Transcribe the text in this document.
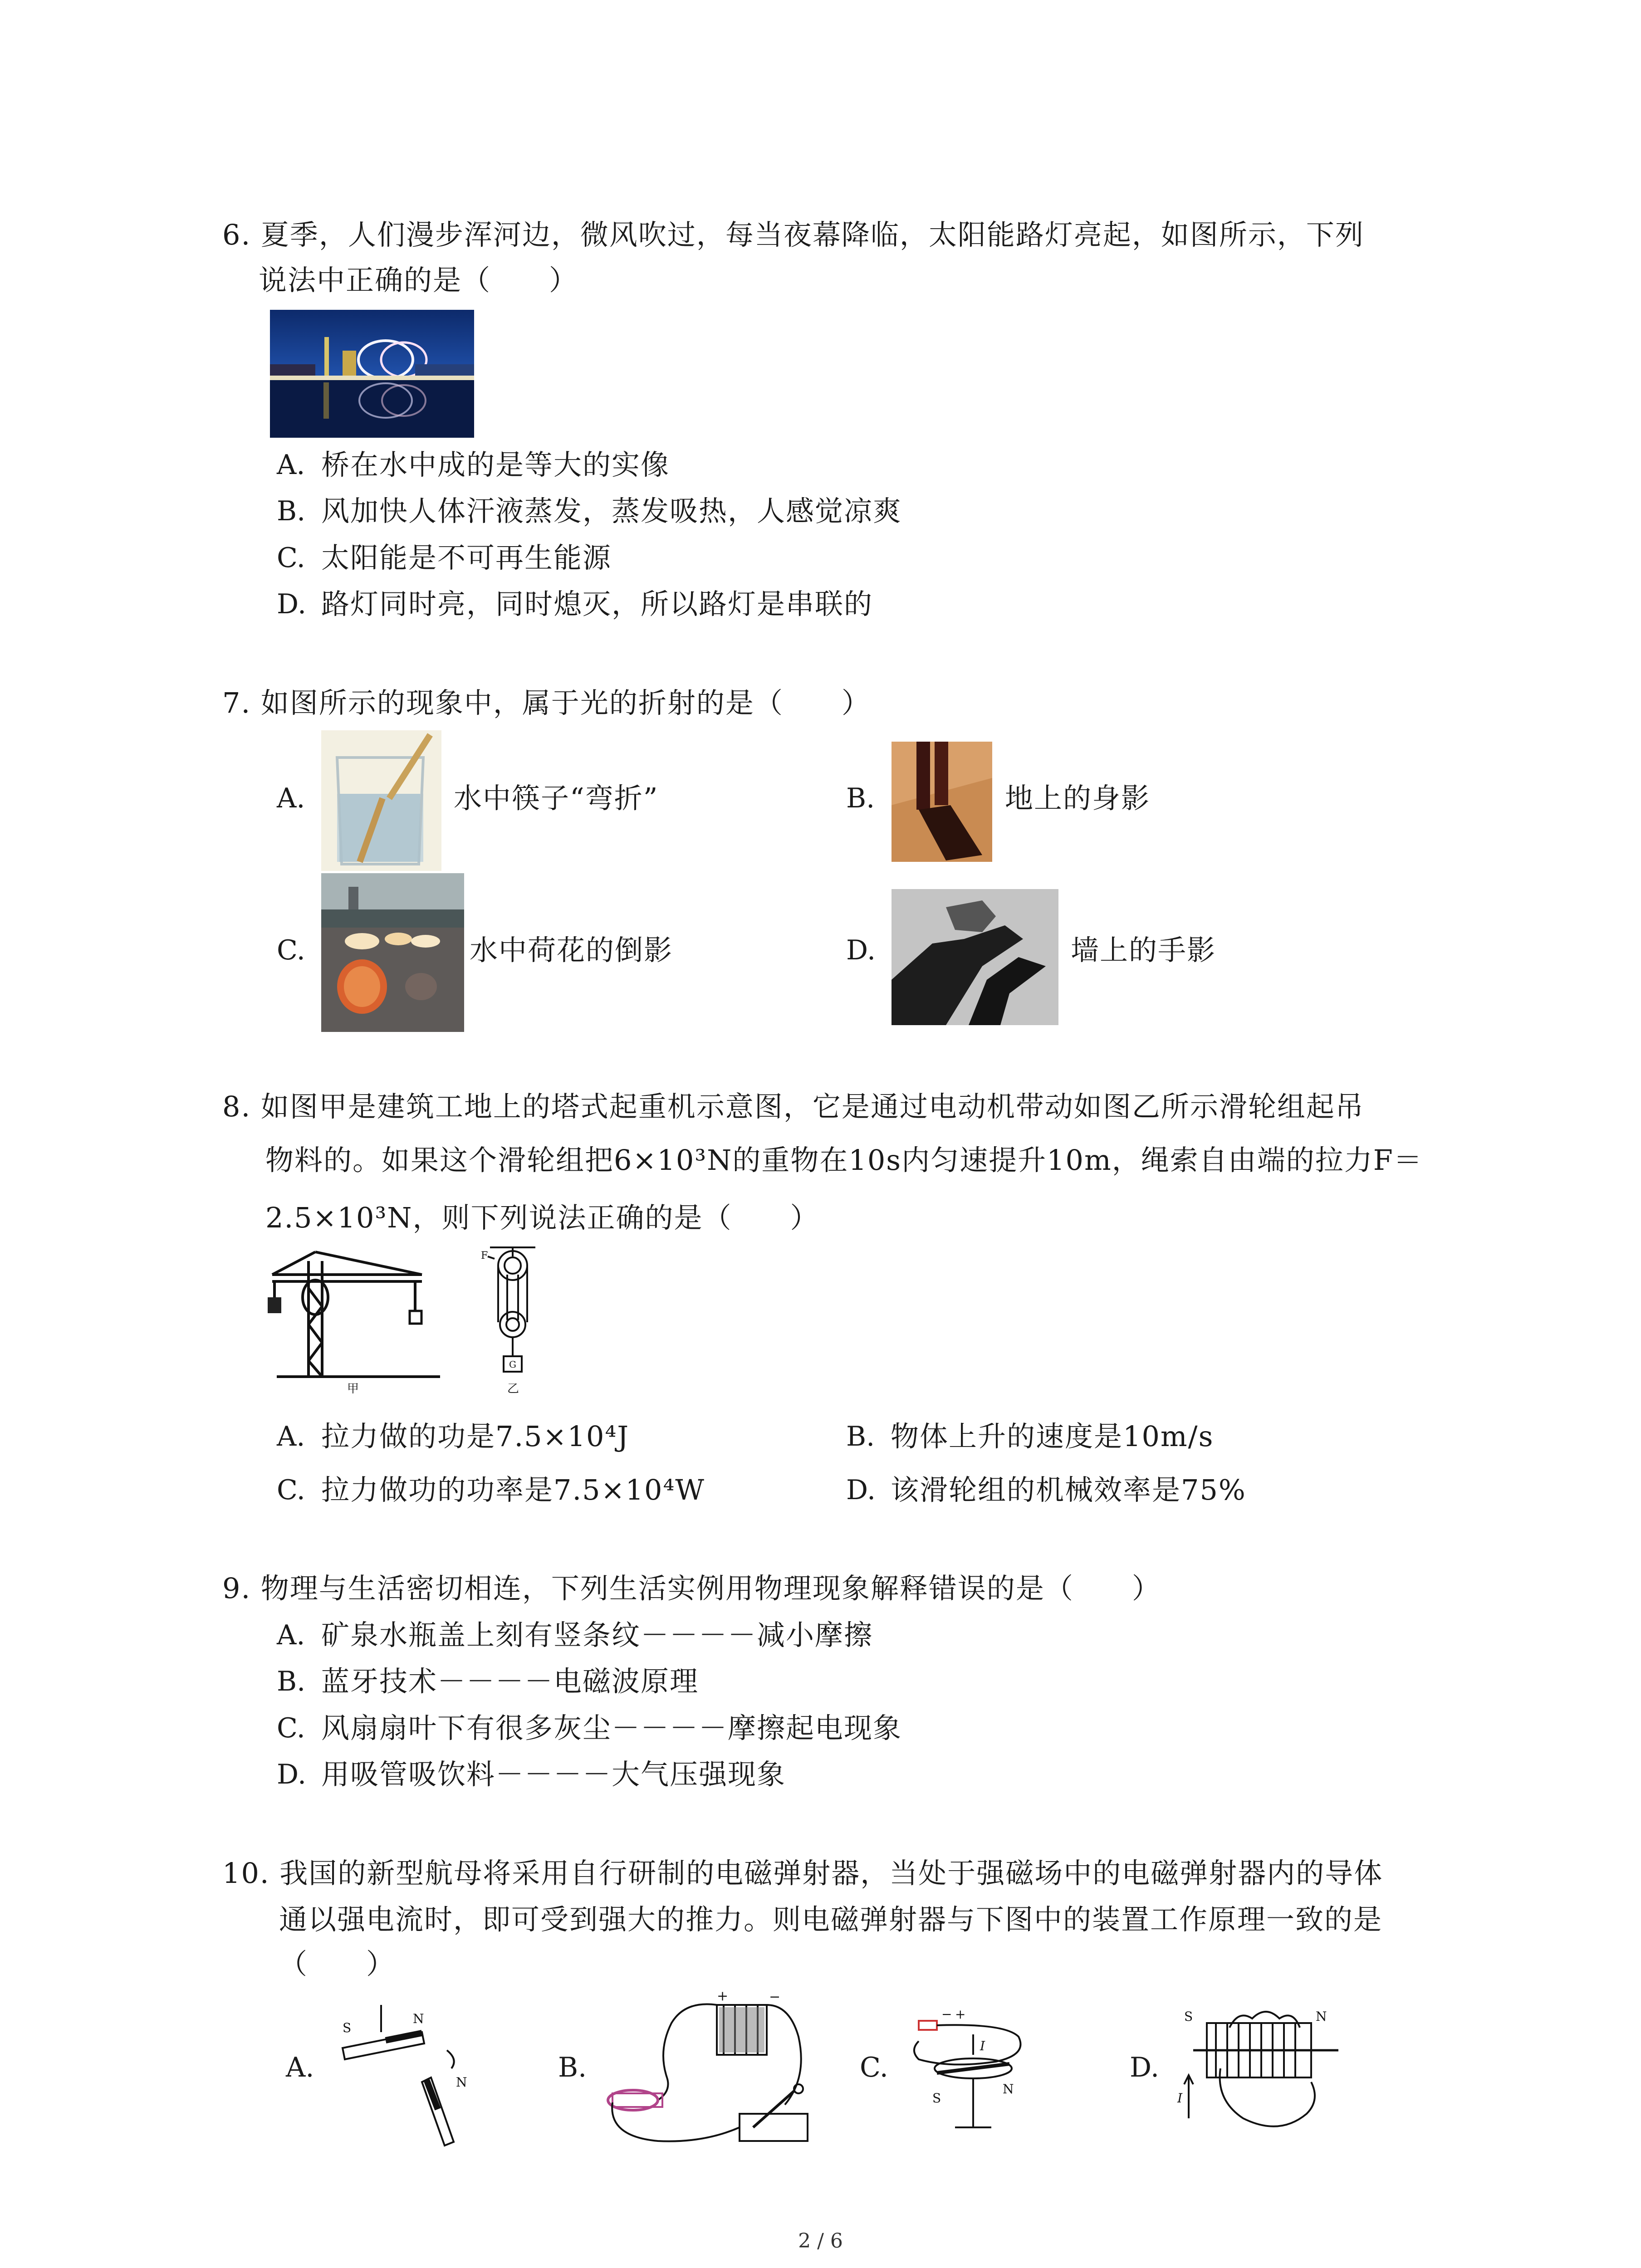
6. 夏季，人们漫步浑河边，微风吹过，每当夜幕降临，太阳能路灯亮起，如图所示，下列
说法中正确的是（　　）
A. 桥在水中成的是等大的实像
B. 风加快人体汗液蒸发，蒸发吸热，人感觉凉爽
C. 太阳能是不可再生能源
D. 路灯同时亮，同时熄灭，所以路灯是串联的
7. 如图所示的现象中，属于光的折射的是（　　）
A.	水中筷子“弯折”	B.	地上的身影
C.	水中荷花的倒影	D.	墙上的手影
8. 如图甲是建筑工地上的塔式起重机示意图，它是通过电动机带动如图乙所示滑轮组起吊
物料的。如果这个滑轮组把6×10³N的重物在10s内匀速提升10m，绳索自由端的拉力F＝
2.5×10³N，则下列说法正确的是（　　）
甲
F
G
乙
A. 拉力做的功是7.5×10⁴J	B. 物体上升的速度是10m/s
C. 拉力做功的功率是7.5×10⁴W	D. 该滑轮组的机械效率是75%
9. 物理与生活密切相连，下列生活实例用物理现象解释错误的是（　　）
A. 矿泉水瓶盖上刻有竖条纹－－－－减小摩擦
B. 蓝牙技术－－－－电磁波原理
C. 风扇扇叶下有很多灰尘－－－－摩擦起电现象
D. 用吸管吸饮料－－－－大气压强现象
10. 我国的新型航母将采用自行研制的电磁弹射器，当处于强磁场中的电磁弹射器内的导体
通以强电流时，即可受到强大的推力。则电磁弹射器与下图中的装置工作原理一致的是
（　　）
A.
S
N
N	B.
+	−
C.
− +
I
S
N
D.
S	N
I
2 / 6
